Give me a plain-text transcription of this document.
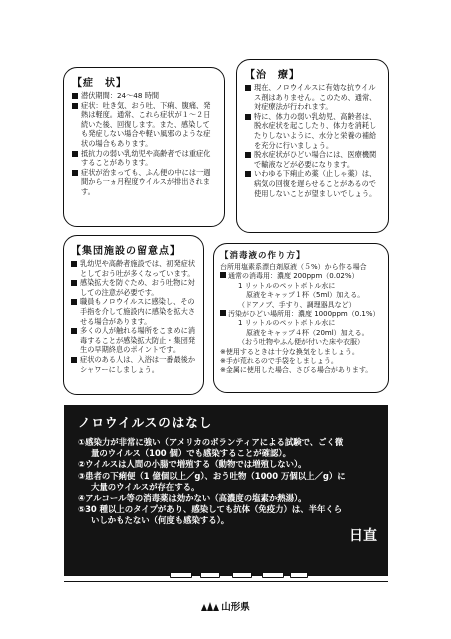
【症　状】
潜伏期間：24～48 時間
症状：吐き気、おう吐、下痢、腹痛、発熱は軽度。通常、これら症状が１～２日続いた後、回復します。また、感染しても発症しない場合や軽い風邪のような症状の場合もあります。
抵抗力の弱い乳幼児や高齢者では重症化することがあります。
症状が治まっても、ふん便の中には一週間から一ヵ月程度ウイルスが排出されます。
【治　療】
現在、ノロウイルスに有効な抗ウイルス剤はありません。このため、通常、対症療法が行われます。
特に、体力の弱い乳幼児、高齢者は、脱水症状を起こしたり、体力を消耗したりしないように、水分と栄養の補給を充分に行いましょう。
脱水症状がひどい場合には、医療機関で輸液などが必要になります。
いわゆる下痢止め薬（止しゃ薬）は、病気の回復を遅らせることがあるので使用しないことが望ましいでしょう。
【集団施設の留意点】
乳幼児や高齢者施設では、初発症状としておう吐が多くなっています。
感染拡大を防ぐため、おう吐物に対しての注意が必要です。
職員もノロウイルスに感染し、その手指を介して施設内に感染を拡大させる場合があります。
多くの人が触れる場所をこまめに消毒することが感染拡大防止・集団発生の早期終息のポイントです。
症状のある人は、入浴は一番最後かシャワーにしましょう。
【消毒液の作り方】
台所用塩素系漂白剤原液（５%）から作る場合
通常の消毒用：濃度 200ppm（0.02%）
1 リットルのペットボトル水に
原液をキャップ１杯（5ml）加える。
（ドアノブ、手すり、調理器具など）
汚染がひどい場所用：濃度 1000ppm（0.1%）
1 リットルのペットボトル水に
原液をキャップ４杯（20ml）加える。
（おう吐物やふん便が付いた床や衣服）
※使用するときは十分な換気をしましょう。
※手が荒れるので手袋をしましょう。
※金属に使用した場合、さびる場合があります。
ノロウイルスのはなし
①感染力が非常に強い（アメリカのボランティアによる試験で、ごく微
量のウイルス（100 個）でも感染することが確認）。
②ウイルスは人間の小腸で増殖する（動物では増殖しない）。
③患者の下痢便（1 億個以上／g）、おう吐物（1000 万個以上／g）に
大量のウイルスが存在する。
④アルコール等の消毒薬は効かない（高濃度の塩素か熱湯）。
⑤30 種以上のタイプがあり、感染しても抗体（免疫力）は、半年くら
いしかもたない（何度も感染する）。
日直
山形県
